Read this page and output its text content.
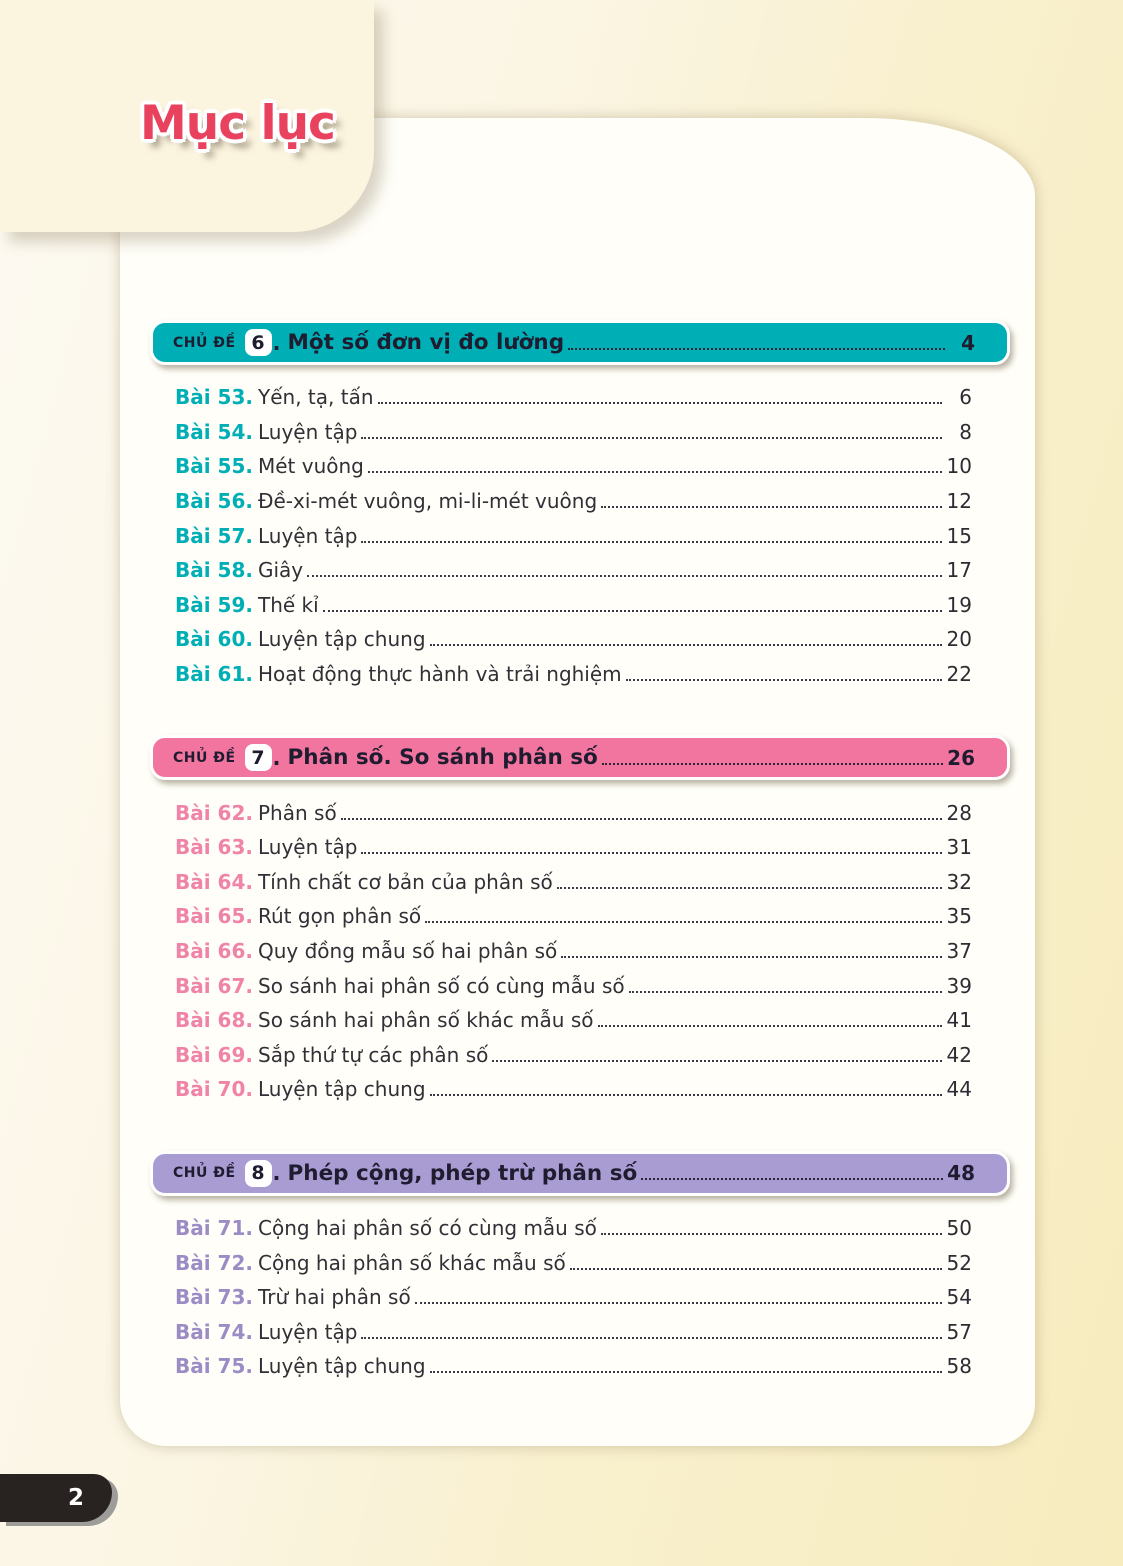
CHỦ ĐỀ 6 . Một số đơn vị đo lường	4
Bài 53. Yến, tạ, tấn	6
Bài 54. Luyện tập	8
Bài 55. Mét vuông	10
Bài 56. Đề-xi-mét vuông, mi-li-mét vuông	12
Bài 57. Luyện tập	15
Bài 58. Giây	17
Bài 59. Thế kỉ	19
Bài 60. Luyện tập chung	20
Bài 61. Hoạt động thực hành và trải nghiệm	22
CHỦ ĐỀ 7 . Phân số. So sánh phân số	26
Bài 62. Phân số	28
Bài 63. Luyện tập	31
Bài 64. Tính chất cơ bản của phân số	32
Bài 65. Rút gọn phân số	35
Bài 66. Quy đồng mẫu số hai phân số	37
Bài 67. So sánh hai phân số có cùng mẫu số	39
Bài 68. So sánh hai phân số khác mẫu số	41
Bài 69. Sắp thứ tự các phân số	42
Bài 70. Luyện tập chung	44
CHỦ ĐỀ 8 . Phép cộng, phép trừ phân số	48
Bài 71. Cộng hai phân số có cùng mẫu số	50
Bài 72. Cộng hai phân số khác mẫu số	52
Bài 73. Trừ hai phân số	54
Bài 74. Luyện tập	57
Bài 75. Luyện tập chung	58
Mục lục
2
